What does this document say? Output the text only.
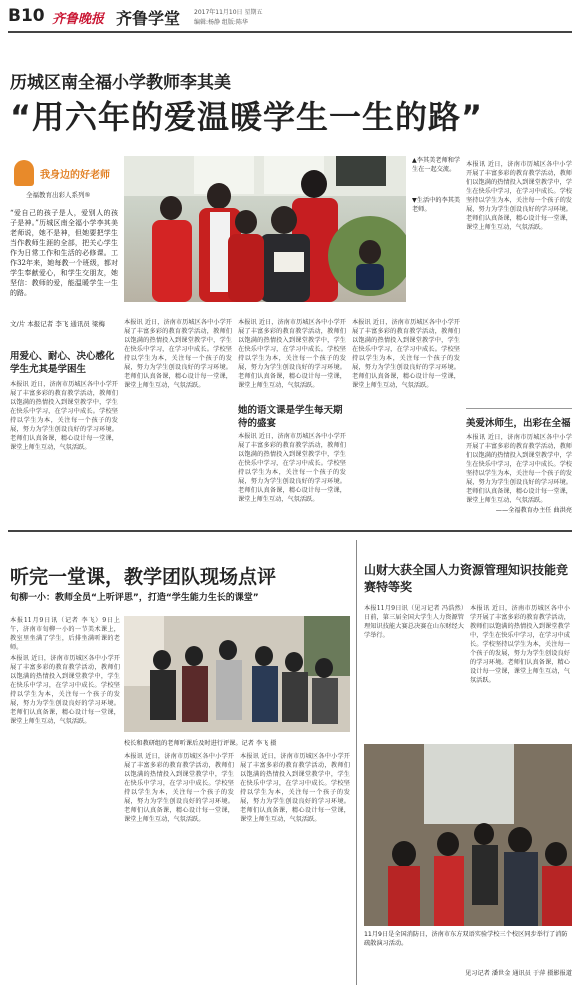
B10 齐鲁晚报 齐鲁学堂 2017年11月10日 星期五
编辑:杨静 组版:陈华
历城区南全福小学教师李其美
“用六年的爱温暖学生一生的路”
我身边的好老师
全福教育出彩人系列⑤
“爱自己的孩子是人，爱别人的孩子是神。”历城区南全福小学李其美老师说，她不是神，但她要把学生当作教师生涯的全部，把关心学生作为日常工作和生活的必修课。工作32年来，她每教一个班级，都对学生奉献爱心，和学生交朋友，她坚信：教师的爱，能温暖学生一生的路。
文/片 本报记者 李飞 通讯员 梁梅
▲李其美老师和学生在一起交流。
▼生活中的李其美老师。
用爱心、耐心、决心感化学生尤其是学困生
本报讯 近日，济南市历城区各中小学开展了丰富多彩的教育教学活动，教师们以饱满的热情投入到课堂教学中，学生在快乐中学习，在学习中成长。学校坚持以学生为本，关注每一个孩子的发展，努力为学生创设良好的学习环境。老师们认真备课，精心设计每一堂课，课堂上师生互动，气氛活跃。
本报讯 近日，济南市历城区各中小学开展了丰富多彩的教育教学活动，教师们以饱满的热情投入到课堂教学中，学生在快乐中学习，在学习中成长。学校坚持以学生为本，关注每一个孩子的发展，努力为学生创设良好的学习环境。老师们认真备课，精心设计每一堂课，课堂上师生互动，气氛活跃。
本报讯 近日，济南市历城区各中小学开展了丰富多彩的教育教学活动，教师们以饱满的热情投入到课堂教学中，学生在快乐中学习，在学习中成长。学校坚持以学生为本，关注每一个孩子的发展，努力为学生创设良好的学习环境。老师们认真备课，精心设计每一堂课，课堂上师生互动，气氛活跃。
她的语文课是学生每天期待的盛宴
本报讯 近日，济南市历城区各中小学开展了丰富多彩的教育教学活动，教师们以饱满的热情投入到课堂教学中，学生在快乐中学习，在学习中成长。学校坚持以学生为本，关注每一个孩子的发展，努力为学生创设良好的学习环境。老师们认真备课，精心设计每一堂课，课堂上师生互动，气氛活跃。
本报讯 近日，济南市历城区各中小学开展了丰富多彩的教育教学活动，教师们以饱满的热情投入到课堂教学中，学生在快乐中学习，在学习中成长。学校坚持以学生为本，关注每一个孩子的发展，努力为学生创设良好的学习环境。老师们认真备课，精心设计每一堂课，课堂上师生互动，气氛活跃。
本报讯 近日，济南市历城区各中小学开展了丰富多彩的教育教学活动，教师们以饱满的热情投入到课堂教学中，学生在快乐中学习，在学习中成长。学校坚持以学生为本，关注每一个孩子的发展，努力为学生创设良好的学习环境。老师们认真备课，精心设计每一堂课，课堂上师生互动，气氛活跃。
美爱沐师生，出彩在全福
本报讯 近日，济南市历城区各中小学开展了丰富多彩的教育教学活动，教师们以饱满的热情投入到课堂教学中，学生在快乐中学习，在学习中成长。学校坚持以学生为本，关注每一个孩子的发展，努力为学生创设良好的学习环境。老师们认真备课，精心设计每一堂课，课堂上师生互动，气氛活跃。
——全福教育办主任 曲洪亮
听完一堂课，教学团队现场点评
旬柳一小：教师全员“上听评思”，打造“学生能力生长的课堂”
本报11月9日讯（记者 李飞）9日上午，济南市旬柳一小的一节美术课上，教室里坐满了学生，后排坐满听课的老师。
本报讯 近日，济南市历城区各中小学开展了丰富多彩的教育教学活动，教师们以饱满的热情投入到课堂教学中，学生在快乐中学习，在学习中成长。学校坚持以学生为本，关注每一个孩子的发展，努力为学生创设良好的学习环境。老师们认真备课，精心设计每一堂课，课堂上师生互动，气氛活跃。
校长和教研组的老师听课后及时进行评课。记者 李飞 摄
本报讯 近日，济南市历城区各中小学开展了丰富多彩的教育教学活动，教师们以饱满的热情投入到课堂教学中，学生在快乐中学习，在学习中成长。学校坚持以学生为本，关注每一个孩子的发展，努力为学生创设良好的学习环境。老师们认真备课，精心设计每一堂课，课堂上师生互动，气氛活跃。
本报讯 近日，济南市历城区各中小学开展了丰富多彩的教育教学活动，教师们以饱满的热情投入到课堂教学中，学生在快乐中学习，在学习中成长。学校坚持以学生为本，关注每一个孩子的发展，努力为学生创设良好的学习环境。老师们认真备课，精心设计每一堂课，课堂上师生互动，气氛活跃。
山财大获全国人力资源管理知识技能竞赛特等奖
本报11月9日讯（见习记者 冯浩然）日前，第三届全国大学生人力资源管理知识技能大赛总决赛在山东财经大学举行。
本报讯 近日，济南市历城区各中小学开展了丰富多彩的教育教学活动，教师们以饱满的热情投入到课堂教学中，学生在快乐中学习，在学习中成长。学校坚持以学生为本，关注每一个孩子的发展，努力为学生创设良好的学习环境。老师们认真备课，精心设计每一堂课，课堂上师生互动，气氛活跃。
11月9日是全国消防日，济南市东方双语实验学校三个校区同步举行了消防疏散演习活动。
见习记者 潘世金 通讯员 于萍 摄影报道
